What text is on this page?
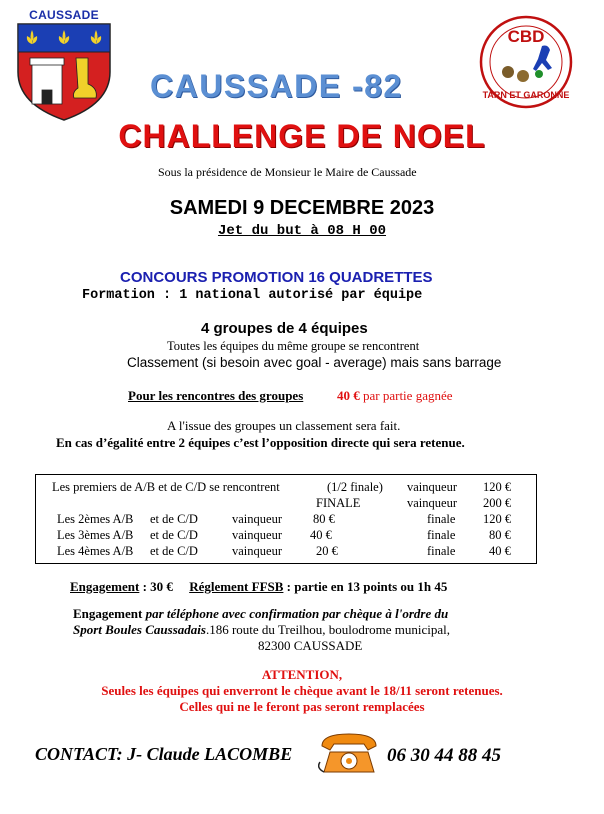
CAUSSADE
CBD
TARN ET GARONNE
CAUSSADE -82
CHALLENGE DE NOEL
Sous la présidence de Monsieur le Maire de Caussade
SAMEDI 9 DECEMBRE 2023
Jet du but à 08 H 00
CONCOURS PROMOTION 16 QUADRETTES
Formation : 1 national autorisé par équipe
4 groupes de 4 équipes
Toutes les équipes du même groupe se rencontrent
Classement (si besoin avec goal - average) mais sans barrage
Pour les rencontres des groupes	40 € par partie gagnée
A l'issue des groupes un classement sera fait.
En cas d’égalité entre 2 équipes c’est l’opposition directe qui sera retenue.
Les premiers de A/B et de C/D se rencontrent	(1/2 finale) vainqueur 120 €
FINALE	vainqueur 200 €
Les 2èmes A/B et de C/D	vainqueur 80 €	finale 120 €
Les 3èmes A/B et de C/D	vainqueur 40 €	finale	80 €
Les 4èmes A/B et de C/D	vainqueur	20 €	finale	40 €
Engagement : 30 € Réglement FFSB : partie en 13 points ou 1h 45
Engagement par téléphone avec confirmation par chèque à l'ordre du
Sport Boules Caussadais.186 route du Treilhou, boulodrome municipal,
82300 CAUSSADE
ATTENTION,
Seules les équipes qui enverront le chèque avant le 18/11 seront retenues.
Celles qui ne le feront pas seront remplacées
CONTACT: J- Claude LACOMBE	06 30 44 88 45
